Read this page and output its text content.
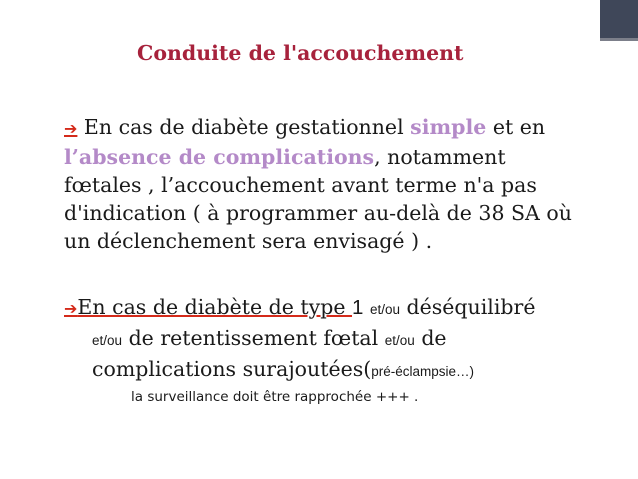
Conduite de l'accouchement
➔ En cas de diabète gestationnel simple et en
l’absence de complications, notamment
fœtales , l’accouchement avant terme n'a pas
d'indication ( à programmer au-delà de 38 SA où
un déclenchement sera envisagé ) .
➔En cas de diabète de type 1 et/ou déséquilibré
et/ou de retentissement fœtal et/ou de
complications surajoutées(pré-éclampsie…)
la surveillance doit être rapprochée +++ .
